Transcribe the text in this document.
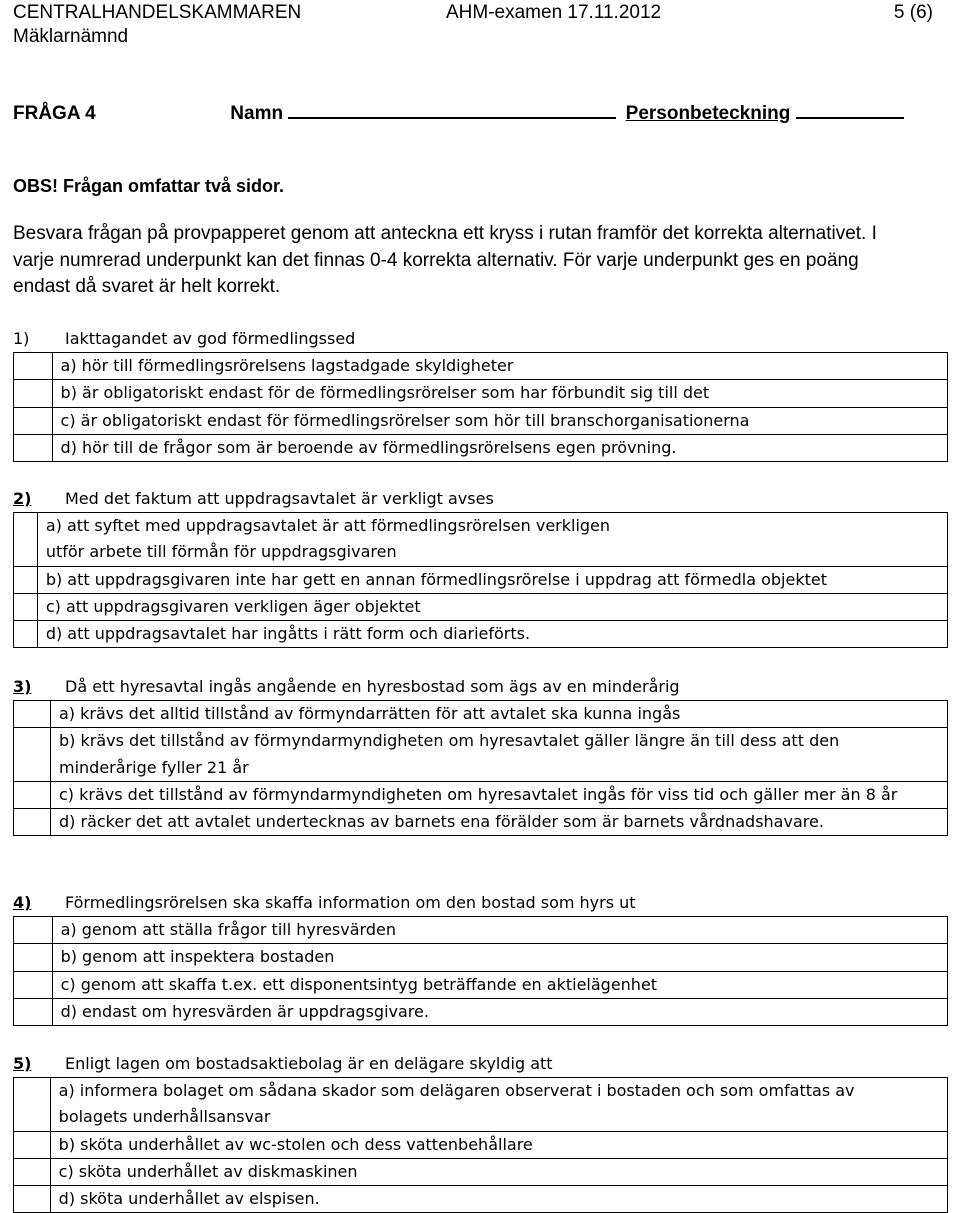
CENTRALHANDELSKAMMAREN	AHM-examen 17.11.2012	5 (6)
Mäklarnämnd
FRÅGA 4	Namn	Personbeteckning
OBS! Frågan omfattar två sidor.
Besvara frågan på provpapperet genom att anteckna ett kryss i rutan framför det korrekta alternativet. I varje numrerad underpunkt kan det finnas 0-4 korrekta alternativ. För varje underpunkt ges en poäng endast då svaret är helt korrekt.
1) Iakttagandet av god förmedlingssed
	a) hör till förmedlingsrörelsens lagstadgade skyldigheter
	b) är obligatoriskt endast för de förmedlingsrörelser som har förbundit sig till det
	c) är obligatoriskt endast för förmedlingsrörelser som hör till branschorganisationerna
	d) hör till de frågor som är beroende av förmedlingsrörelsens egen prövning.
2) Med det faktum att uppdragsavtalet är verkligt avses
	a) att syftet med uppdragsavtalet är att förmedlingsrörelsen verkligen utför arbete till förmån för uppdragsgivaren
	b) att uppdragsgivaren inte har gett en annan förmedlingsrörelse i uppdrag att förmedla objektet
	c) att uppdragsgivaren verkligen äger objektet
	d) att uppdragsavtalet har ingåtts i rätt form och diarieförts.
3) Då ett hyresavtal ingås angående en hyresbostad som ägs av en minderårig
	a) krävs det alltid tillstånd av förmyndarrätten för att avtalet ska kunna ingås
	b) krävs det tillstånd av förmyndarmyndigheten om hyresavtalet gäller längre än till dess att den minderårige fyller 21 år
	c) krävs det tillstånd av förmyndarmyndigheten om hyresavtalet ingås för viss tid och gäller mer än 8 år
	d) räcker det att avtalet undertecknas av barnets ena förälder som är barnets vårdnadshavare.
4) Förmedlingsrörelsen ska skaffa information om den bostad som hyrs ut
	a) genom att ställa frågor till hyresvärden
	b) genom att inspektera bostaden
	c) genom att skaffa t.ex. ett disponentsintyg beträffande en aktielägenhet
	d) endast om hyresvärden är uppdragsgivare.
5) Enligt lagen om bostadsaktiebolag är en delägare skyldig att
	a) informera bolaget om sådana skador som delägaren observerat i bostaden och som omfattas av bolagets underhållsansvar
	b) sköta underhållet av wc-stolen och dess vattenbehållare
	c) sköta underhållet av diskmaskinen
	d) sköta underhållet av elspisen.
